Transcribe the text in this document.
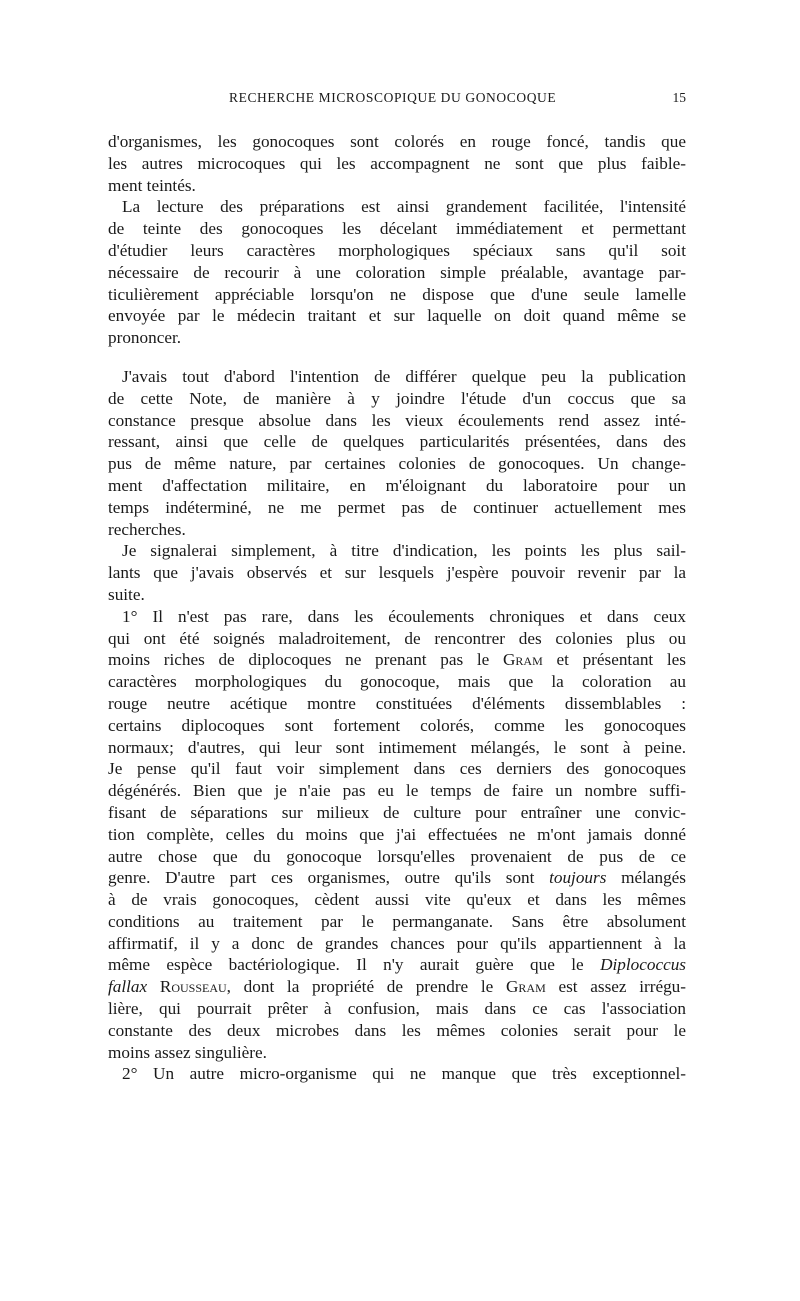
RECHERCHE MICROSCOPIQUE DU GONOCOQUE	15
d'organismes, les gonocoques sont colorés en rouge foncé, tandis que
les autres microcoques qui les accompagnent ne sont que plus faible-
ment teintés.
La lecture des préparations est ainsi grandement facilitée, l'intensité
de teinte des gonocoques les décelant immédiatement et permettant
d'étudier leurs caractères morphologiques spéciaux sans qu'il soit
nécessaire de recourir à une coloration simple préalable, avantage par-
ticulièrement appréciable lorsqu'on ne dispose que d'une seule lamelle
envoyée par le médecin traitant et sur laquelle on doit quand même se
prononcer.
J'avais tout d'abord l'intention de différer quelque peu la publication
de cette Note, de manière à y joindre l'étude d'un coccus que sa
constance presque absolue dans les vieux écoulements rend assez inté-
ressant, ainsi que celle de quelques particularités présentées, dans des
pus de même nature, par certaines colonies de gonocoques. Un change-
ment d'affectation militaire, en m'éloignant du laboratoire pour un
temps indéterminé, ne me permet pas de continuer actuellement mes
recherches.
Je signalerai simplement, à titre d'indication, les points les plus sail-
lants que j'avais observés et sur lesquels j'espère pouvoir revenir par la
suite.
1° Il n'est pas rare, dans les écoulements chroniques et dans ceux
qui ont été soignés maladroitement, de rencontrer des colonies plus ou
moins riches de diplocoques ne prenant pas le Gram et présentant les
caractères morphologiques du gonocoque, mais que la coloration au
rouge neutre acétique montre constituées d'éléments dissemblables :
certains diplocoques sont fortement colorés, comme les gonocoques
normaux; d'autres, qui leur sont intimement mélangés, le sont à peine.
Je pense qu'il faut voir simplement dans ces derniers des gonocoques
dégénérés. Bien que je n'aie pas eu le temps de faire un nombre suffi-
fisant de séparations sur milieux de culture pour entraîner une convic-
tion complète, celles du moins que j'ai effectuées ne m'ont jamais donné
autre chose que du gonocoque lorsqu'elles provenaient de pus de ce
genre. D'autre part ces organismes, outre qu'ils sont toujours mélangés
à de vrais gonocoques, cèdent aussi vite qu'eux et dans les mêmes
conditions au traitement par le permanganate. Sans être absolument
affirmatif, il y a donc de grandes chances pour qu'ils appartiennent à la
même espèce bactériologique. Il n'y aurait guère que le Diplococcus
fallax Rousseau, dont la propriété de prendre le Gram est assez irrégu-
lière, qui pourrait prêter à confusion, mais dans ce cas l'association
constante des deux microbes dans les mêmes colonies serait pour le
moins assez singulière.
2° Un autre micro-organisme qui ne manque que très exceptionnel-
